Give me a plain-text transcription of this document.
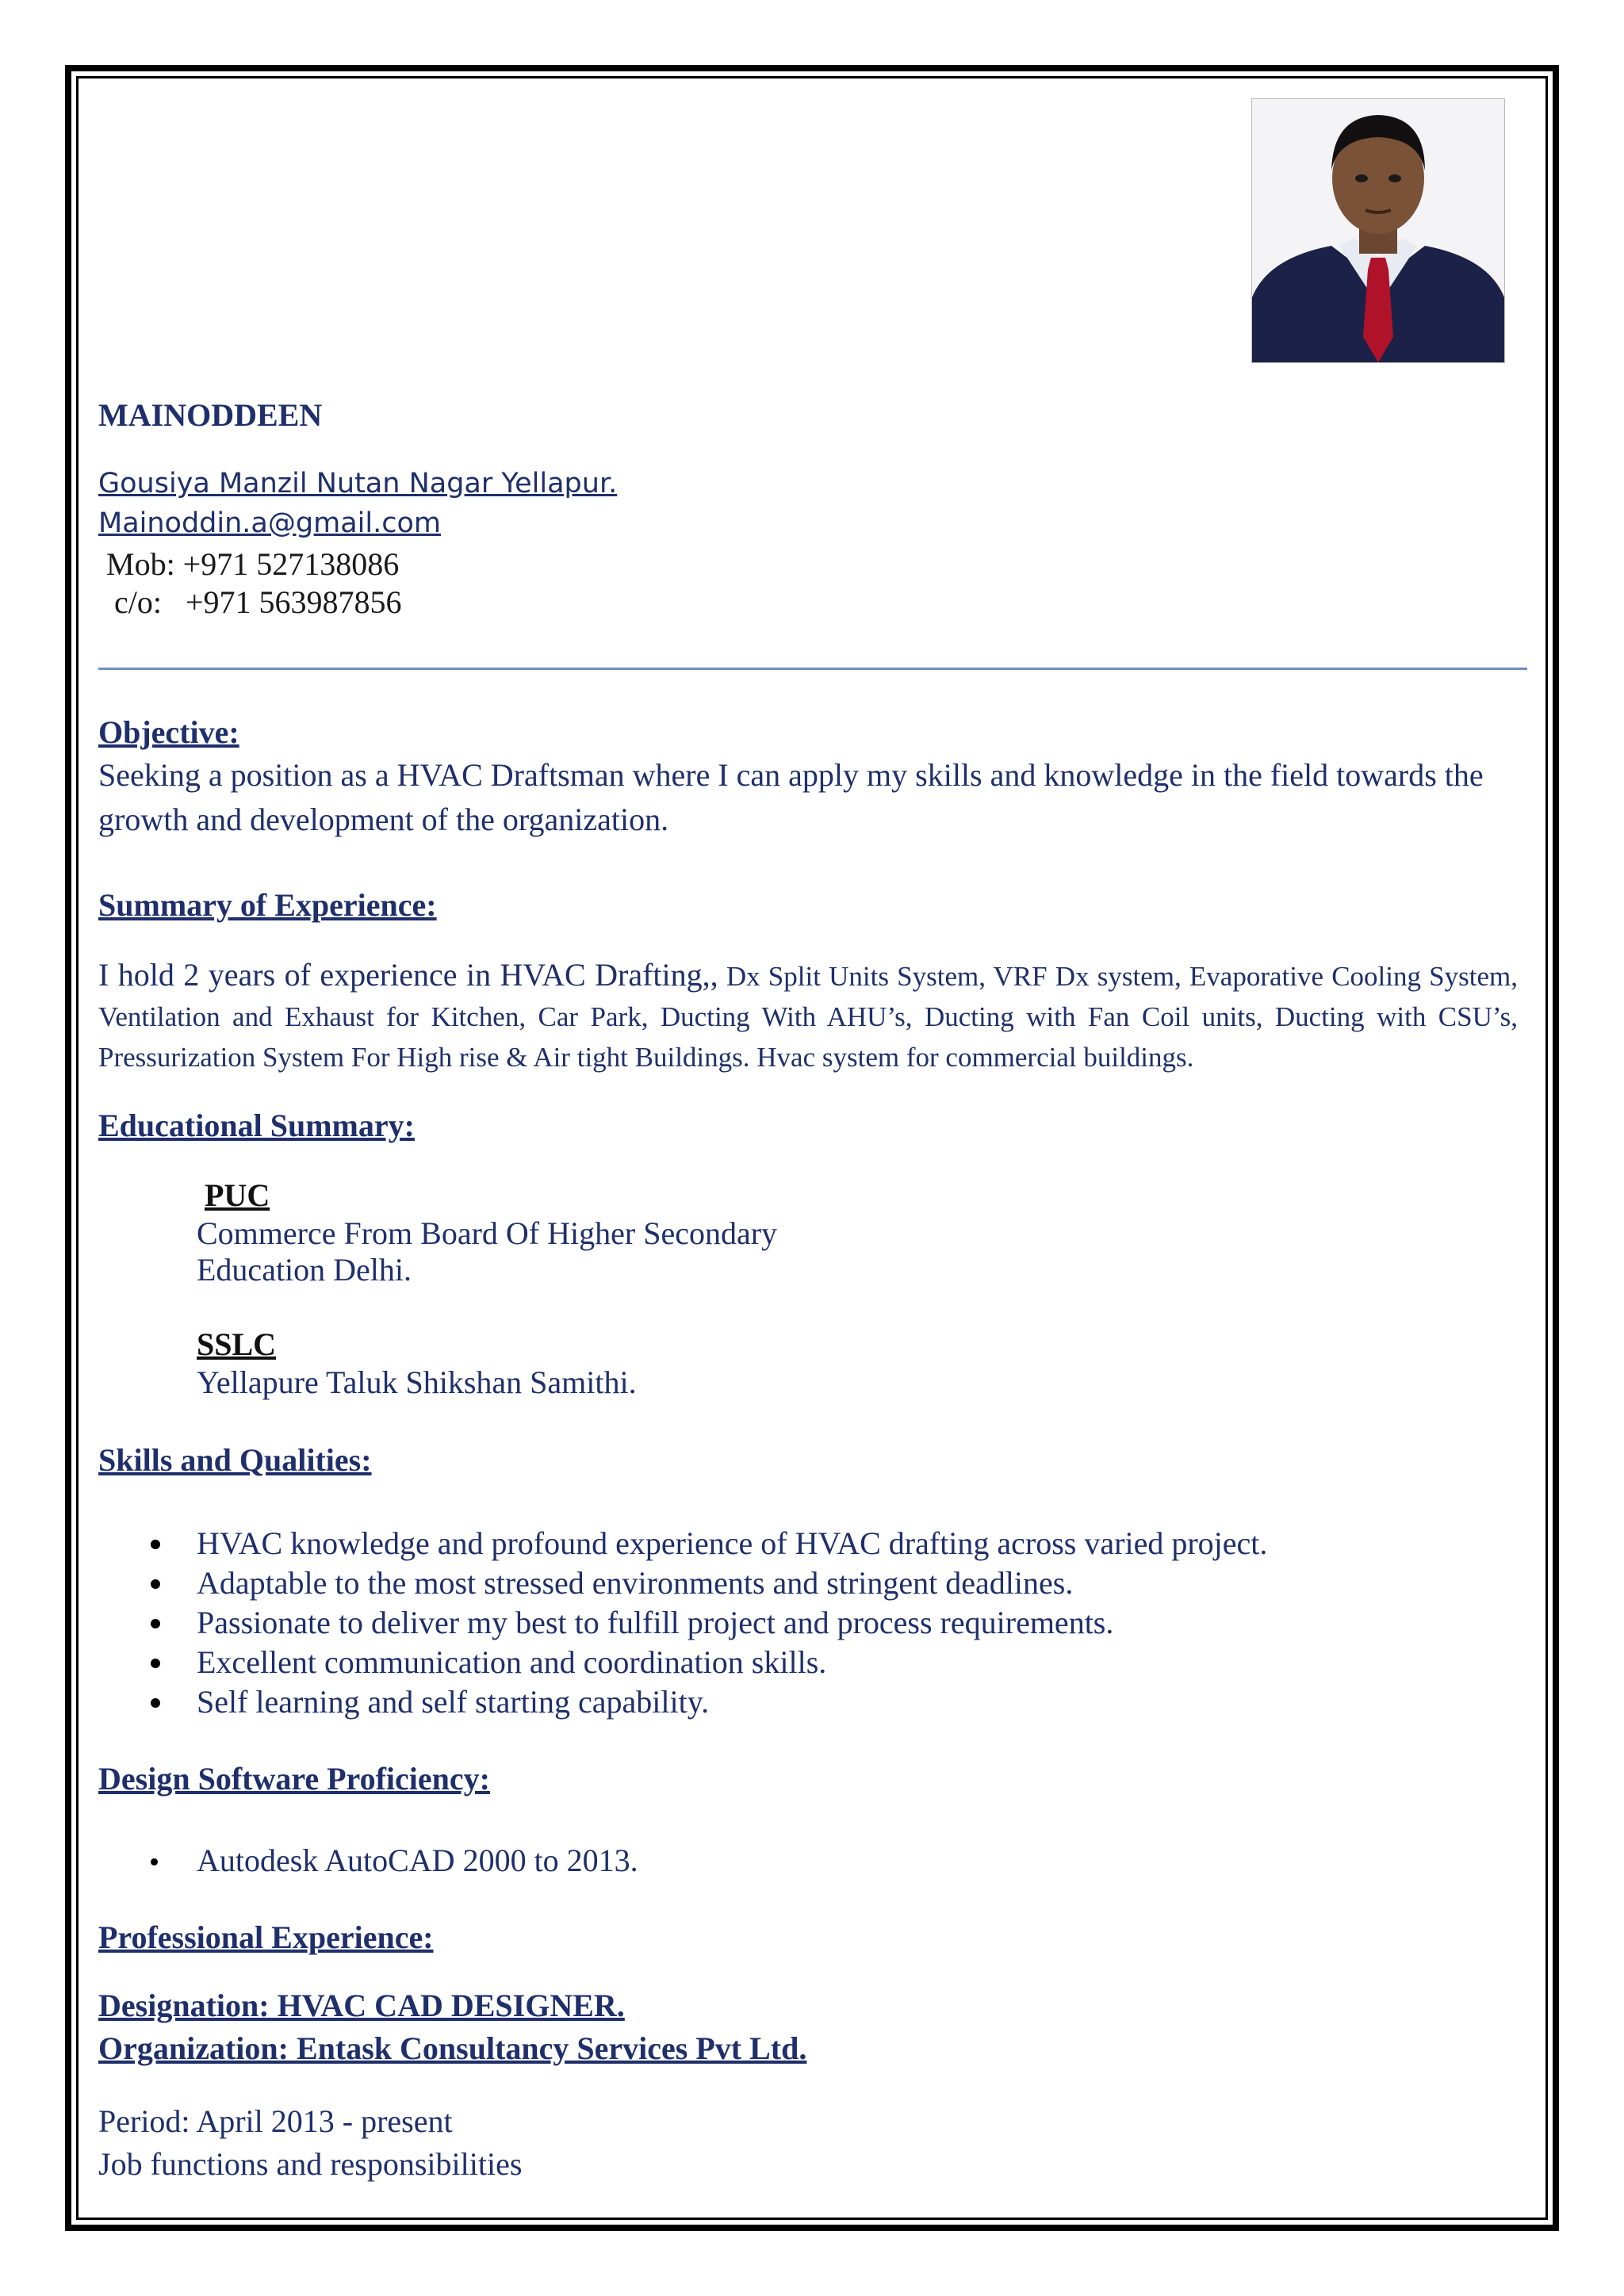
MAINODDEEN
Gousiya Manzil Nutan Nagar Yellapur.
Mainoddin.a@gmail.com
Mob: +971 527138086
c/o:   +971 563987856
Objective:
Seeking a position as a HVAC Draftsman where I can apply my skills and knowledge in the field towards the growth and development of the organization.
Summary of Experience:
I hold 2 years of experience in HVAC Drafting,, Dx Split Units System, VRF Dx system, Evaporative Cooling System, Ventilation and Exhaust for Kitchen, Car Park, Ducting With AHU’s, Ducting with Fan Coil units, Ducting with CSU’s, Pressurization System For High rise & Air tight Buildings. Hvac system for commercial buildings.
Educational Summary:
PUC
Commerce From Board Of Higher Secondary
Education Delhi.
SSLC
Yellapure Taluk Shikshan Samithi.
Skills and Qualities:
HVAC knowledge and profound experience of HVAC drafting across varied project.
Adaptable to the most stressed environments and stringent deadlines.
Passionate to deliver my best to fulfill project and process requirements.
Excellent communication and coordination skills.
Self learning and self starting capability.
Design Software Proficiency:
Autodesk AutoCAD 2000 to 2013.
Professional Experience:
Designation: HVAC CAD DESIGNER.
Organization: Entask Consultancy Services Pvt Ltd.
Period: April 2013 - present
Job functions and responsibilities
